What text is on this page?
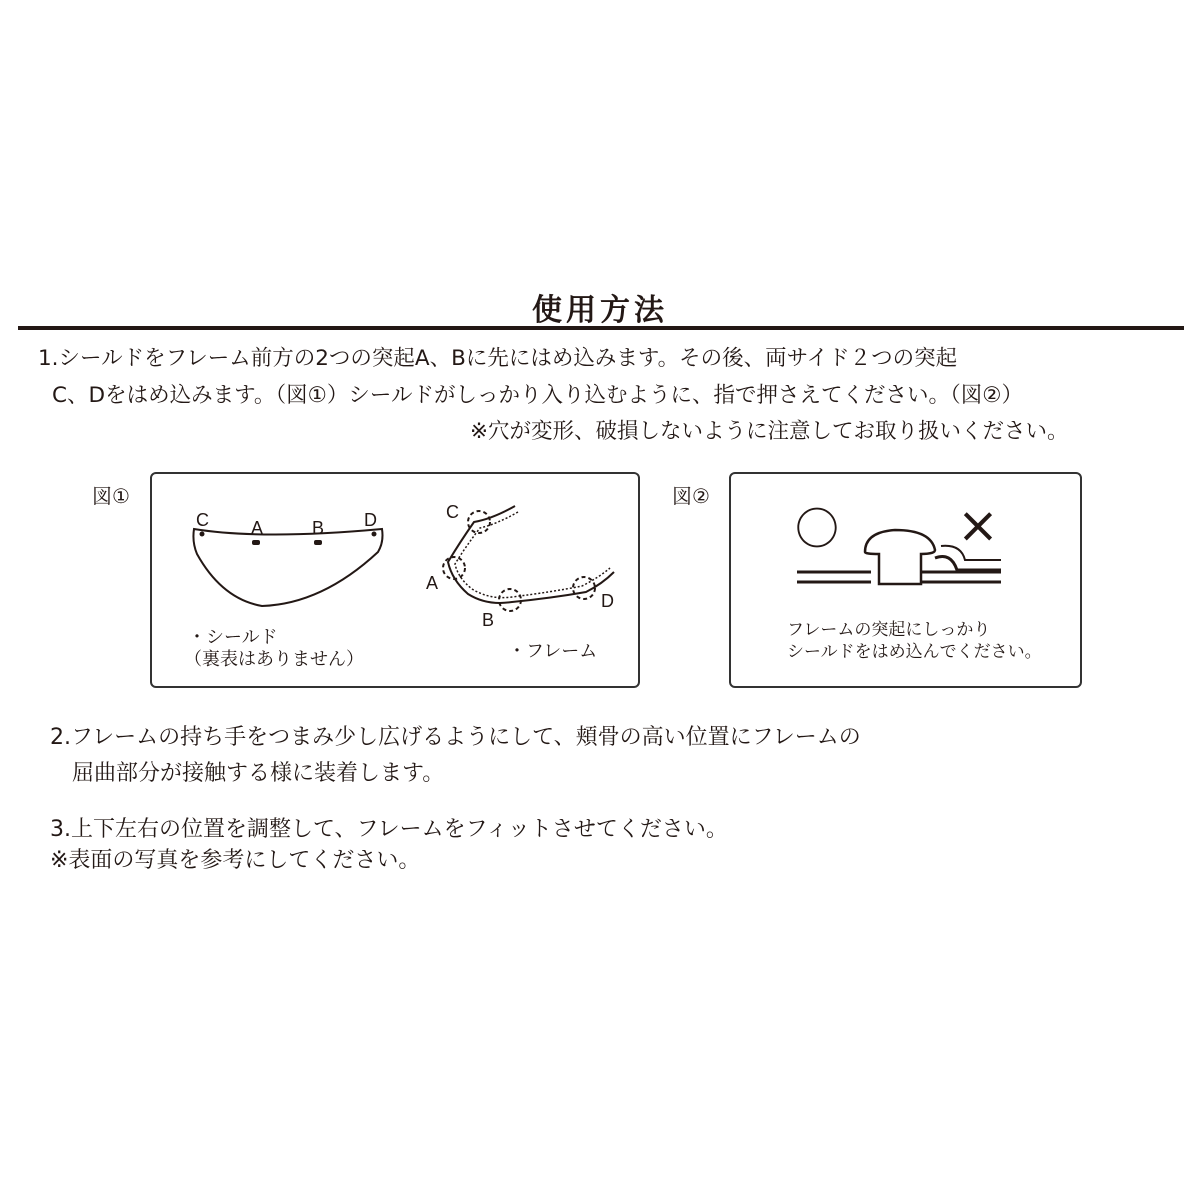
使用方法
1.シールドをフレーム前方の2つの突起A、Bに先にはめ込みます。その後、両サイド２つの突起
C、Dをはめ込みます。（図①）シールドがしっかり入り込むように、指で押さえてください。（図②）
※穴が変形、破損しないように注意してお取り扱いください。
図①
C A	B D	C
A
B
D
・シールド
（裏表はありません）	・フレーム
図②
〇 ×
フレームの突起にしっかり
シールドをはめ込んでください。
2.フレームの持ち手をつまみ少し広げるようにして、頬骨の高い位置にフレームの
屈曲部分が接触する様に装着します。
3.上下左右の位置を調整して、フレームをフィットさせてください。
※表面の写真を参考にしてください。
